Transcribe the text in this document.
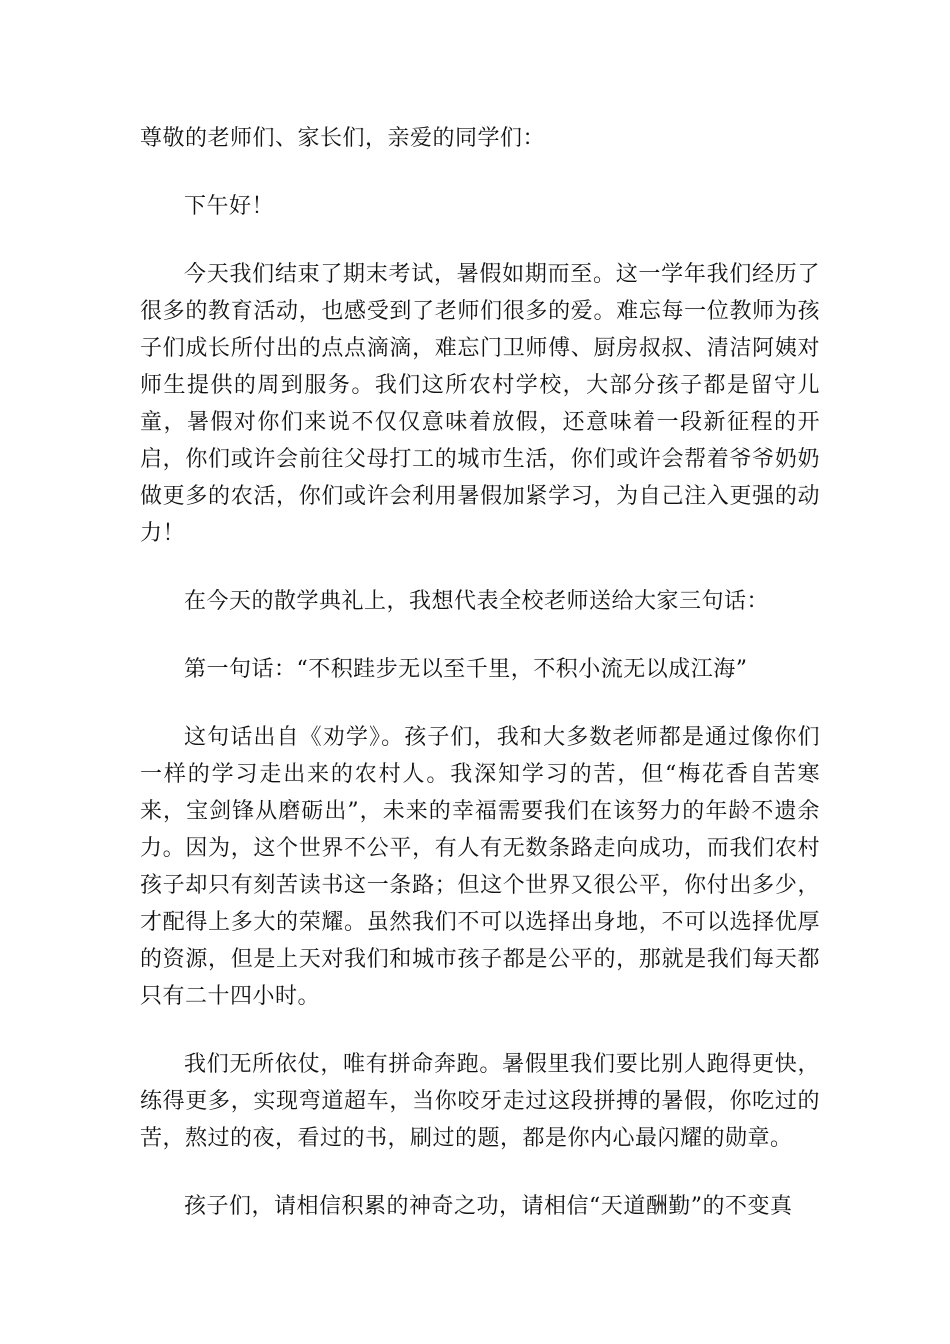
尊敬的老师们、家长们，亲爱的同学们：

下午好！

今天我们结束了期末考试，暑假如期而至。这一学年我们经历了很多的教育活动，也感受到了老师们很多的爱。难忘每一位教师为孩子们成长所付出的点点滴滴，难忘门卫师傅、厨房叔叔、清洁阿姨对师生提供的周到服务。我们这所农村学校，大部分孩子都是留守儿童，暑假对你们来说不仅仅意味着放假，还意味着一段新征程的开启，你们或许会前往父母打工的城市生活，你们或许会帮着爷爷奶奶做更多的农活，你们或许会利用暑假加紧学习，为自己注入更强的动力！

在今天的散学典礼上，我想代表全校老师送给大家三句话：

第一句话：“不积跬步无以至千里，不积小流无以成江海”

这句话出自《劝学》。孩子们，我和大多数老师都是通过像你们一样的学习走出来的农村人。我深知学习的苦，但“梅花香自苦寒来，宝剑锋从磨砺出”，未来的幸福需要我们在该努力的年龄不遗余力。因为，这个世界不公平，有人有无数条路走向成功，而我们农村孩子却只有刻苦读书这一条路；但这个世界又很公平，你付出多少，才配得上多大的荣耀。虽然我们不可以选择出身地，不可以选择优厚的资源，但是上天对我们和城市孩子都是公平的，那就是我们每天都只有二十四小时。

我们无所依仗，唯有拼命奔跑。暑假里我们要比别人跑得更快，练得更多，实现弯道超车，当你咬牙走过这段拼搏的暑假，你吃过的苦，熬过的夜，看过的书，刷过的题，都是你内心最闪耀的勋章。

孩子们，请相信积累的神奇之功，请相信“天道酬勤”的不变真
